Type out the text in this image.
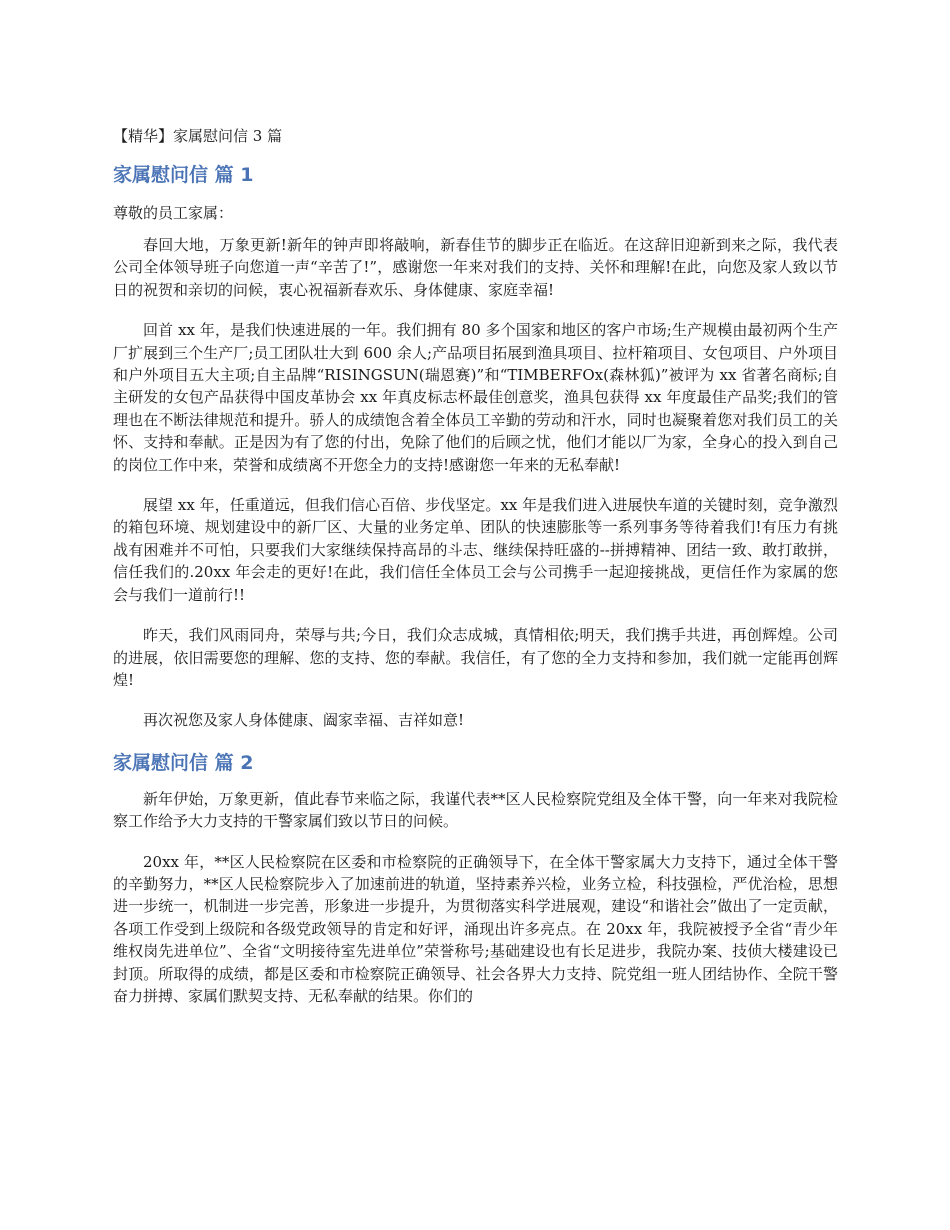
【精华】家属慰问信 3 篇
家属慰问信 篇 1
尊敬的员工家属：

春回大地，万象更新!新年的钟声即将敲响，新春佳节的脚步正在临近。在这辞旧迎新到来之际，我代表公司全体领导班子向您道一声“辛苦了!”，感谢您一年来对我们的支持、关怀和理解!在此，向您及家人致以节日的祝贺和亲切的问候，衷心祝福新春欢乐、身体健康、家庭幸福!

回首 xx 年，是我们快速进展的一年。我们拥有 80 多个国家和地区的客户市场;生产规模由最初两个生产厂扩展到三个生产厂;员工团队壮大到 600 余人;产品项目拓展到渔具项目、拉杆箱项目、女包项目、户外项目和户外项目五大主项;自主品牌“RISINGSUN(瑞恩赛)”和“TIMBERFOx(森林狐)”被评为 xx 省著名商标;自主研发的女包产品获得中国皮革协会 xx 年真皮标志杯最佳创意奖，渔具包获得 xx 年度最佳产品奖;我们的管理也在不断法律规范和提升。骄人的成绩饱含着全体员工辛勤的劳动和汗水，同时也凝聚着您对我们员工的关怀、支持和奉献。正是因为有了您的付出，免除了他们的后顾之忧，他们才能以厂为家，全身心的投入到自己的岗位工作中来，荣誉和成绩离不开您全力的支持!感谢您一年来的无私奉献!

展望 xx 年，任重道远，但我们信心百倍、步伐坚定。xx 年是我们进入进展快车道的关键时刻，竞争激烈的箱包环境、规划建设中的新厂区、大量的业务定单、团队的快速膨胀等一系列事务等待着我们!有压力有挑战有困难并不可怕，只要我们大家继续保持高昂的斗志、继续保持旺盛的--拼搏精神、团结一致、敢打敢拼，信任我们的.20xx 年会走的更好!在此，我们信任全体员工会与公司携手一起迎接挑战，更信任作为家属的您会与我们一道前行!!

昨天，我们风雨同舟，荣辱与共;今日，我们众志成城，真情相依;明天，我们携手共进，再创辉煌。公司的进展，依旧需要您的理解、您的支持、您的奉献。我信任，有了您的全力支持和参加，我们就一定能再创辉煌!

再次祝您及家人身体健康、阖家幸福、吉祥如意!

家属慰问信 篇 2

新年伊始，万象更新，值此春节来临之际，我谨代表**区人民检察院党组及全体干警，向一年来对我院检察工作给予大力支持的干警家属们致以节日的问候。

20xx 年，**区人民检察院在区委和市检察院的正确领导下，在全体干警家属大力支持下，通过全体干警的辛勤努力，**区人民检察院步入了加速前进的轨道，坚持素养兴检，业务立检，科技强检，严优治检，思想进一步统一，机制进一步完善，形象进一步提升，为贯彻落实科学进展观，建设“和谐社会”做出了一定贡献，各项工作受到上级院和各级党政领导的肯定和好评，涌现出许多亮点。在 20xx 年，我院被授予全省“青少年维权岗先进单位”、全省“文明接待室先进单位”荣誉称号;基础建设也有长足进步，我院办案、技侦大楼建设已封顶。所取得的成绩，都是区委和市检察院正确领导、社会各界大力支持、院党组一班人团结协作、全院干警奋力拼搏、家属们默契支持、无私奉献的结果。你们的
